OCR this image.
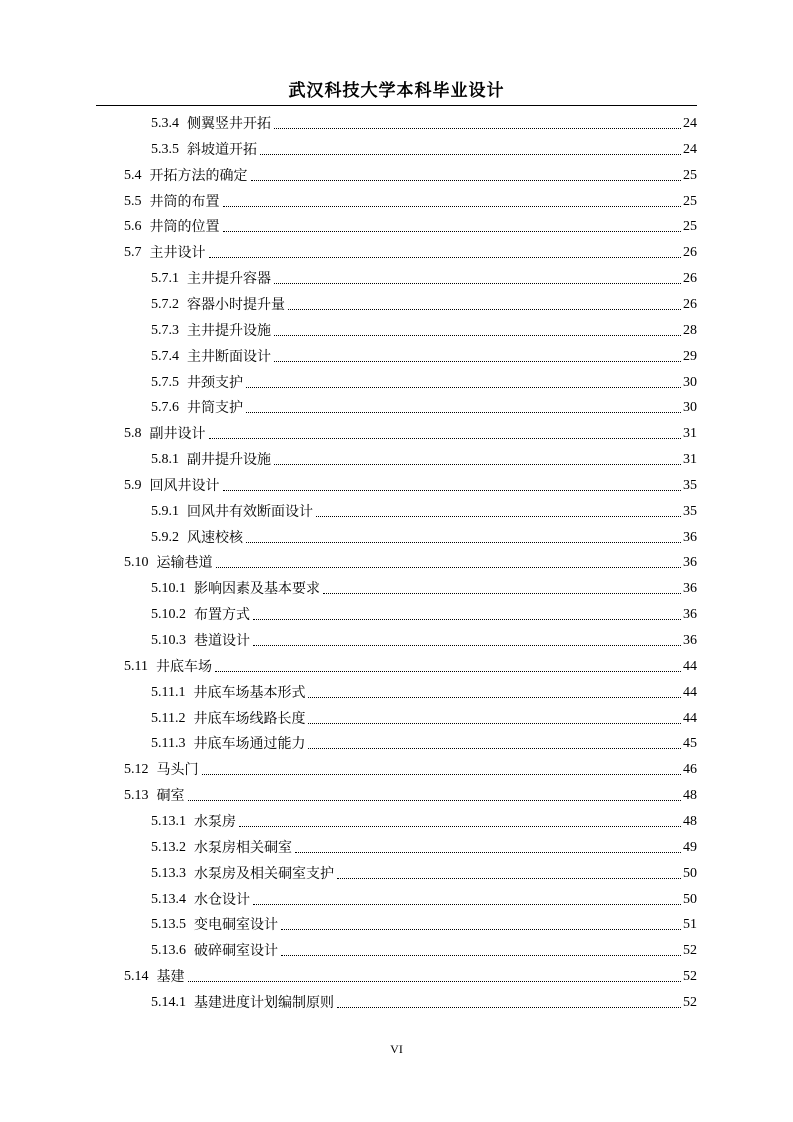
武汉科技大学本科毕业设计
5.3.4 侧翼竖井开拓	24
5.3.5 斜坡道开拓	24
5.4 开拓方法的确定	25
5.5 井筒的布置	25
5.6 井筒的位置	25
5.7 主井设计	26
5.7.1 主井提升容器	26
5.7.2 容器小时提升量	26
5.7.3 主井提升设施	28
5.7.4 主井断面设计	29
5.7.5 井颈支护	30
5.7.6 井筒支护	30
5.8 副井设计	31
5.8.1 副井提升设施	31
5.9 回风井设计	35
5.9.1 回风井有效断面设计	35
5.9.2 风速校核	36
5.10 运输巷道	36
5.10.1 影响因素及基本要求	36
5.10.2 布置方式	36
5.10.3 巷道设计	36
5.11 井底车场	44
5.11.1 井底车场基本形式	44
5.11.2 井底车场线路长度	44
5.11.3 井底车场通过能力	45
5.12 马头门	46
5.13 硐室	48
5.13.1 水泵房	48
5.13.2 水泵房相关硐室	49
5.13.3 水泵房及相关硐室支护	50
5.13.4 水仓设计	50
5.13.5 变电硐室设计	51
5.13.6 破碎硐室设计	52
5.14 基建	52
5.14.1 基建进度计划编制原则	52
VI
